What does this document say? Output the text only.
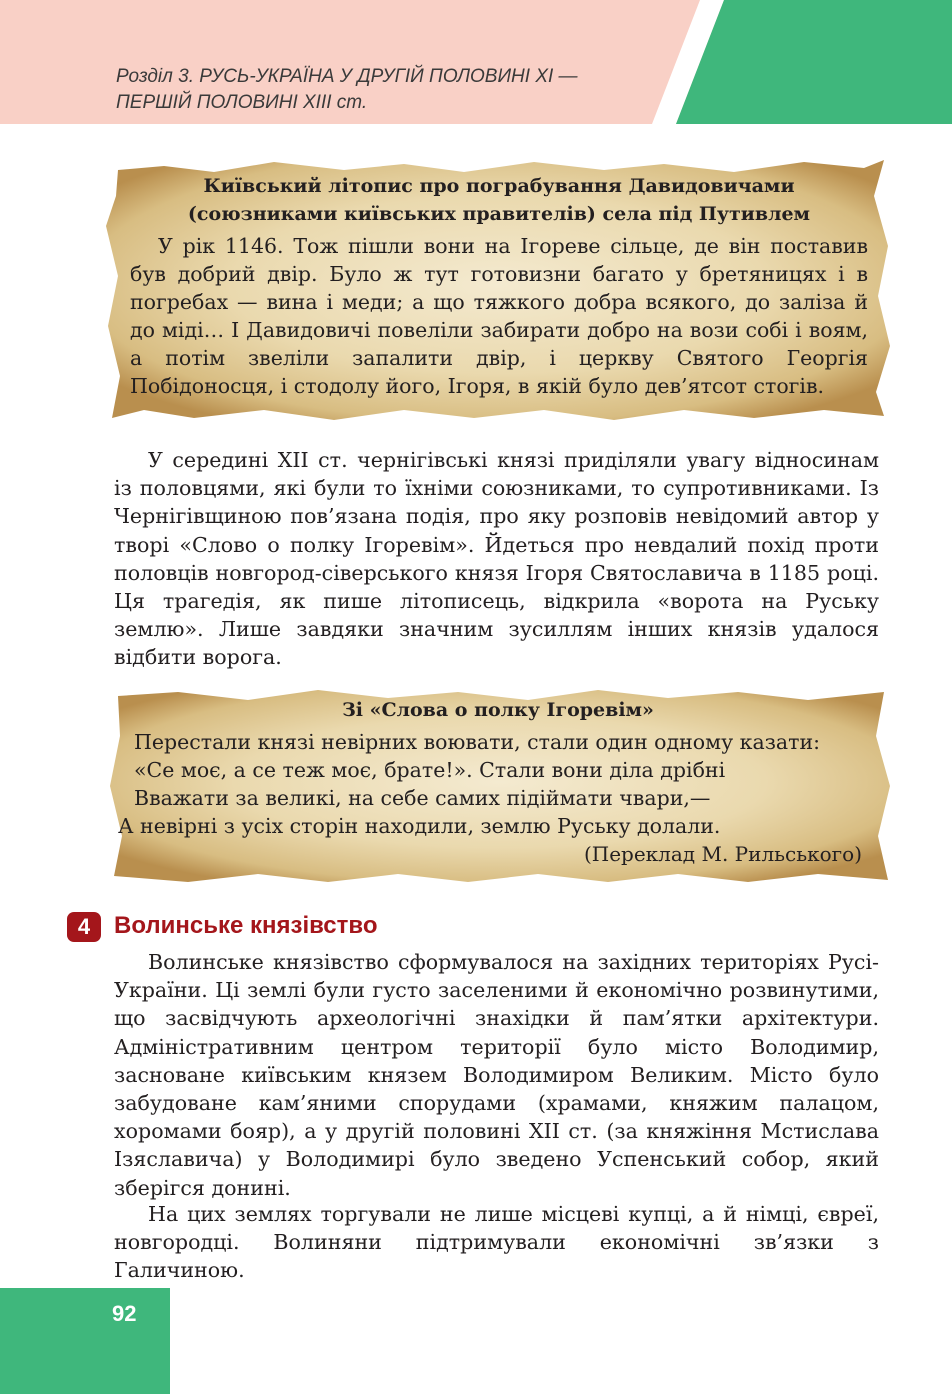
Розділ 3. РУСЬ-УКРАЇНА У ДРУГІЙ ПОЛОВИНІ XI —
ПЕРШІЙ ПОЛОВИНІ XIII ст.
Київський літопис про пограбування Давидовичами
(союзниками київських правителів) села під Путивлем
У рік 1146. Тож пішли вони на Ігореве сільце, де він поставив був добрий двір. Було ж тут готовизни багато у бретяницях і в погребах — вина і меди; а що тяжкого добра всякого, до заліза й до міді… І Давидовичі повеліли забирати добро на вози собі і воям, а потім звеліли запалити двір, і церкву Святого Георгія Побідоносця, і стодолу його, Ігоря, в якій було дев’ятсот стогів.
У середині XII ст. чернігівські князі приділяли увагу відносинам із половцями, які були то їхніми союзниками, то супротивниками. Із Чернігівщиною пов’язана подія, про яку розповів невідомий автор у творі «Слово о полку Ігоревім». Йдеться про невдалий похід проти половців новгород-сіверського князя Ігоря Святославича в 1185 році. Ця трагедія, як пише літописець, відкрила «ворота на Руську землю». Лише завдяки значним зусиллям інших князів удалося відбити ворога.
Зі «Слова о полку Ігоревім»
Перестали князі невірних воювати, стали один одному казати:
«Се моє, а се теж моє, брате!». Стали вони діла дрібні
Вважати за великі, на себе самих підіймати чвари,—
А невірні з усіх сторін находили, землю Руську долали.
(Переклад М. Рильського)
4 Волинське князівство
Волинське князівство сформувалося на західних територіях Русі-України. Ці землі були густо заселеними й економічно розвинутими, що засвідчують археологічні знахідки й пам’ятки архітектури. Адміністративним центром території було місто Володимир, засноване київським князем Володимиром Великим. Місто було забудоване кам’яними спорудами (храмами, княжим палацом, хоромами бояр), а у другій половині XII ст. (за княжіння Мстислава Ізяславича) у Володимирі було зведено Успенський собор, який зберігся донині.
На цих землях торгували не лише місцеві купці, а й німці, євреї, новгородці. Волиняни підтримували економічні зв’язки з Галичиною.
92
